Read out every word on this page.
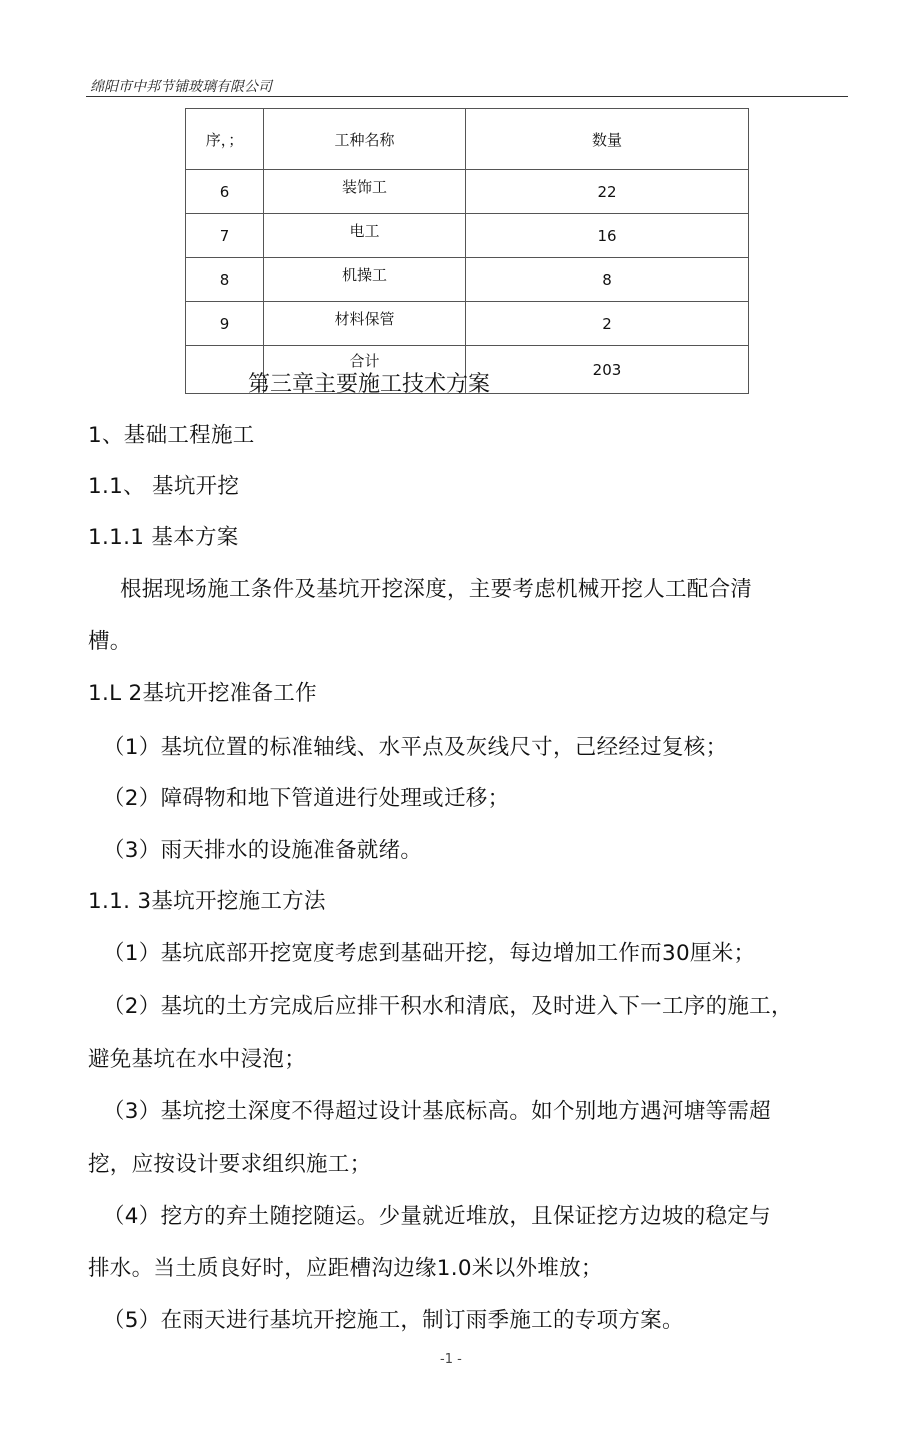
绵阳市中邦节铺玻璃有限公司
序，；	工种名称	数量
6	装饰工	22
7	电工	16
8	机操工	8
9	材料保管	2
	合计	203
第三章主要施工技术方案
1、基础工程施工
1.1、 基坑开挖
1.1.1 基本方案
根据现场施工条件及基坑开挖深度，主要考虑机械开挖人工配合清
槽。
1.L 2基坑开挖准备工作
（1）基坑位置的标准轴线、水平点及灰线尺寸，己经经过复核；
（2）障碍物和地下管道进行处理或迁移；
（3）雨天排水的设施准备就绪。
1.1. 3基坑开挖施工方法
（1）基坑底部开挖宽度考虑到基础开挖，每边增加工作而30厘米；
（2）基坑的土方完成后应排干积水和清底，及时进入下一工序的施工，
避免基坑在水中浸泡；
（3）基坑挖土深度不得超过设计基底标高。如个别地方遇河塘等需超
挖，应按设计要求组织施工；
（4）挖方的弃土随挖随运。少量就近堆放，且保证挖方边坡的稳定与
排水。当土质良好时，应距槽沟边缘1.0米以外堆放；
（5）在雨天进行基坑开挖施工，制订雨季施工的专项方案。
-1 -
